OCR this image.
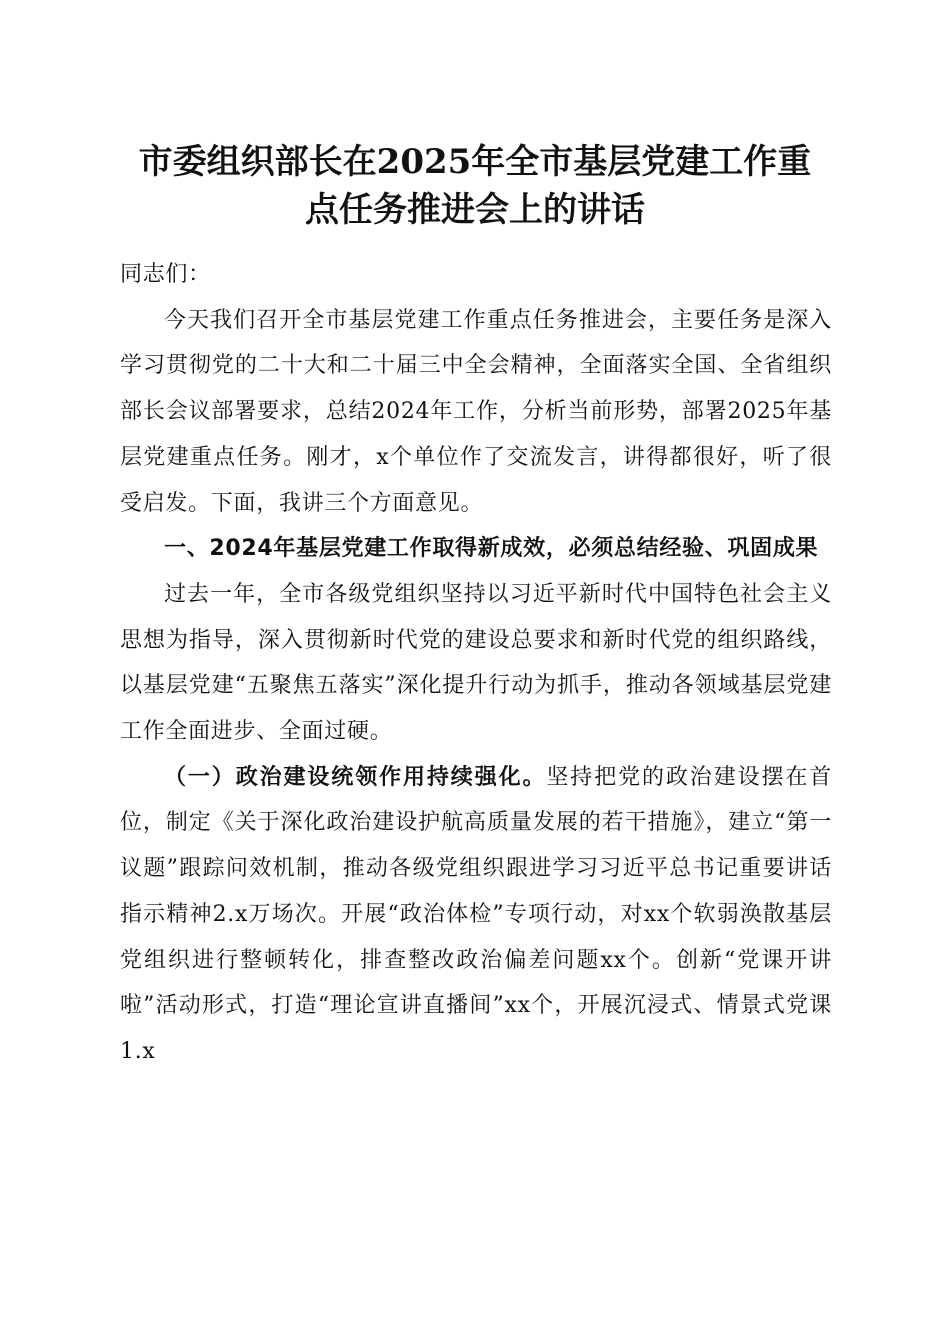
市委组织部长在2025年全市基层党建工作重
点任务推进会上的讲话

同志们：

今天我们召开全市基层党建工作重点任务推进会，主要任务是深入学习贯彻党的二十大和二十届三中全会精神，全面落实全国、全省组织部长会议部署要求，总结2024年工作，分析当前形势，部署2025年基层党建重点任务。刚才，x个单位作了交流发言，讲得都很好，听了很受启发。下面，我讲三个方面意见。

一、2024年基层党建工作取得新成效，必须总结经验、巩固成果

过去一年，全市各级党组织坚持以习近平新时代中国特色社会主义思想为指导，深入贯彻新时代党的建设总要求和新时代党的组织路线，以基层党建“五聚焦五落实”深化提升行动为抓手，推动各领域基层党建工作全面进步、全面过硬。

（一）政治建设统领作用持续强化。坚持把党的政治建设摆在首位，制定《关于深化政治建设护航高质量发展的若干措施》，建立“第一议题”跟踪问效机制，推动各级党组织跟进学习习近平总书记重要讲话指示精神2.x万场次。开展“政治体检”专项行动，对xx个软弱涣散基层党组织进行整顿转化，排查整改政治偏差问题xx个。创新“党课开讲啦”活动形式，打造“理论宣讲直播间”xx个，开展沉浸式、情景式党课1.x
